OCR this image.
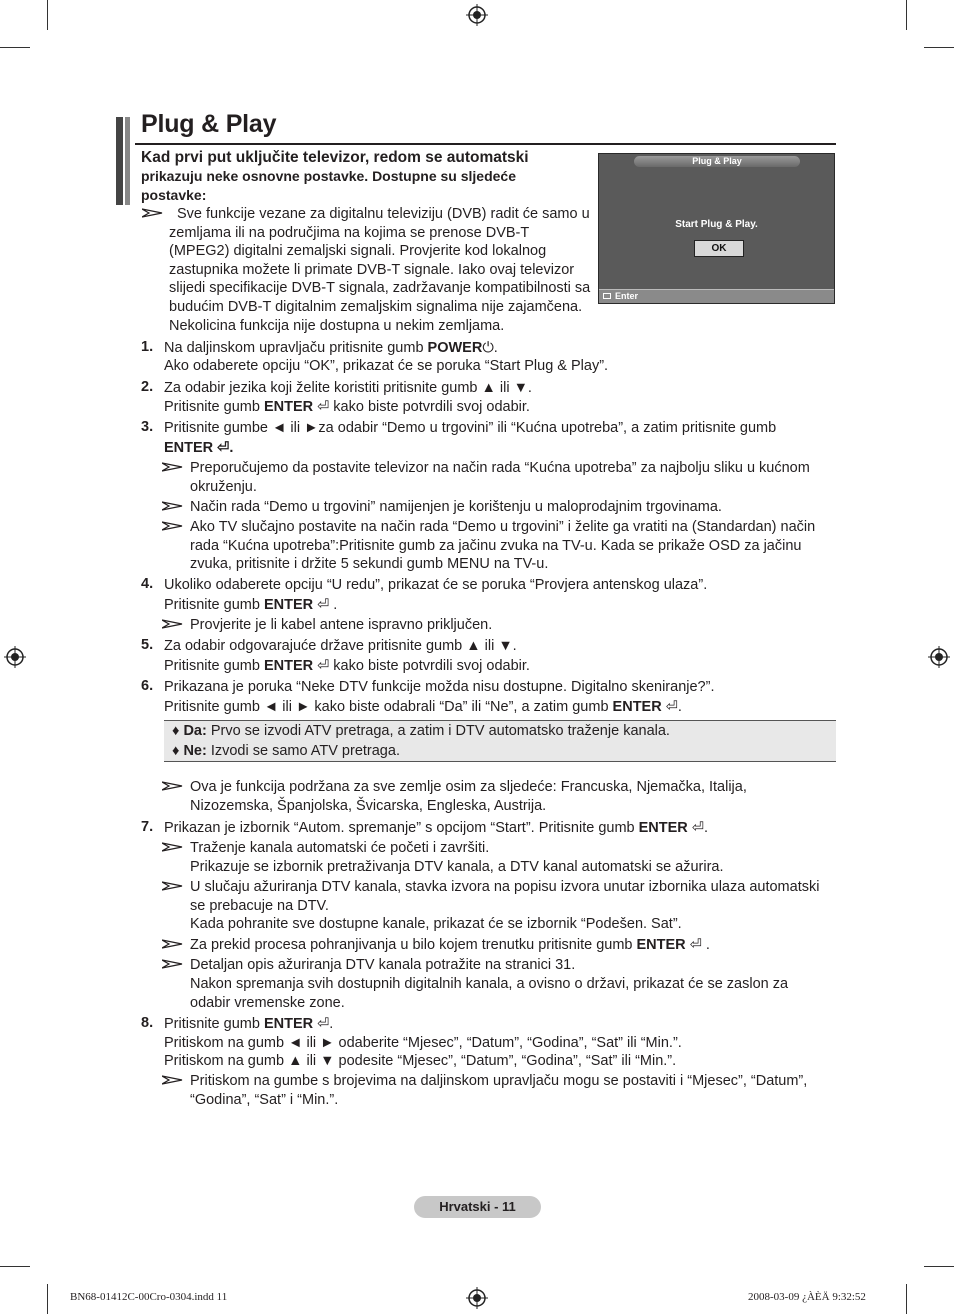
Plug & Play
Kad prvi put uključite televizor, redom se automatski
prikazuju neke osnovne postavke. Dostupne su sljedeće postavke:
Sve funkcije vezane za digitalnu televiziju (DVB) radit će samo u zemljama ili na područjima na kojima se prenose DVB-T (MPEG2) digitalni zemaljski signali. Provjerite kod lokalnog zastupnika možete li primate DVB-T signale. Iako ovaj televizor slijedi specifikacije DVB-T signala, zadržavanje kompatibilnosti sa budućim DVB-T digitalnim zemaljskim signalima nije zajamčena. Nekolicina funkcija nije dostupna u nekim zemljama.
Plug & Play
Start Plug & Play.
OK
Enter
1. Na daljinskom upravljaču pritisnite gumb POWER⏻.
Ako odaberete opciju “OK”, prikazat će se poruka “Start Plug & Play”.
2. Za odabir jezika koji želite koristiti pritisnite gumb ▲ ili ▼.
Pritisnite gumb ENTER ⏎ kako biste potvrdili svoj odabir.
3. Pritisnite gumbe ◄ ili ►za odabir “Demo u trgovini” ili “Kućna upotreba”, a zatim pritisnite gumb
ENTER ⏎.
Preporučujemo da postavite televizor na način rada “Kućna upotreba” za najbolju sliku u kućnom okruženju.
Način rada “Demo u trgovini” namijenjen je korištenju u maloprodajnim trgovinama.
Ako TV slučajno postavite na način rada “Demo u trgovini” i želite ga vratiti na (Standardan) način rada “Kućna upotreba”:Pritisnite gumb za jačinu zvuka na TV-u. Kada se prikaže OSD za jačinu zvuka, pritisnite i držite 5 sekundi gumb MENU na TV-u.
4. Ukoliko odaberete opciju “U redu”, prikazat će se poruka “Provjera antenskog ulaza”.
Pritisnite gumb ENTER ⏎ .
Provjerite je li kabel antene ispravno priključen.
5. Za odabir odgovarajuće države pritisnite gumb ▲ ili ▼.
Pritisnite gumb ENTER ⏎ kako biste potvrdili svoj odabir.
6. Prikazana je poruka “Neke DTV funkcije možda nisu dostupne. Digitalno skeniranje?”.
Pritisnite gumb ◄ ili ► kako biste odabrali “Da” ili “Ne”, a zatim gumb ENTER ⏎.
♦ Da: Prvo se izvodi ATV pretraga, a zatim i DTV automatsko traženje kanala.
♦ Ne: Izvodi se samo ATV pretraga.
Ova je funkcija podržana za sve zemlje osim za sljedeće: Francuska, Njemačka, Italija, Nizozemska, Španjolska, Švicarska, Engleska, Austrija.
7. Prikazan je izbornik “Autom. spremanje” s opcijom “Start”. Pritisnite gumb ENTER ⏎.
Traženje kanala automatski će početi i završiti.
Prikazuje se izbornik pretraživanja DTV kanala, a DTV kanal automatski se ažurira.
U slučaju ažuriranja DTV kanala, stavka izvora na popisu izvora unutar izbornika ulaza automatski se prebacuje na DTV.
Kada pohranite sve dostupne kanale, prikazat će se izbornik “Podešen. Sat”.
Za prekid procesa pohranjivanja u bilo kojem trenutku pritisnite gumb ENTER ⏎ .
Detaljan opis ažuriranja DTV kanala potražite na stranici 31.
Nakon spremanja svih dostupnih digitalnih kanala, a ovisno o državi, prikazat će se zaslon za odabir vremenske zone.
8. Pritisnite gumb ENTER ⏎.
Pritiskom na gumb ◄ ili ► odaberite “Mjesec”, “Datum”, “Godina”, “Sat” ili “Min.”.
Pritiskom na gumb ▲ ili ▼ podesite “Mjesec”, “Datum”, “Godina”, “Sat” ili “Min.”.
Pritiskom na gumbe s brojevima na daljinskom upravljaču mogu se postaviti i “Mjesec”, “Datum”, “Godina”, “Sat” i “Min.”.
Hrvatski - 11
BN68-01412C-00Cro-0304.indd 11	2008-03-09 ¿ÀÈÄ 9:32:52
